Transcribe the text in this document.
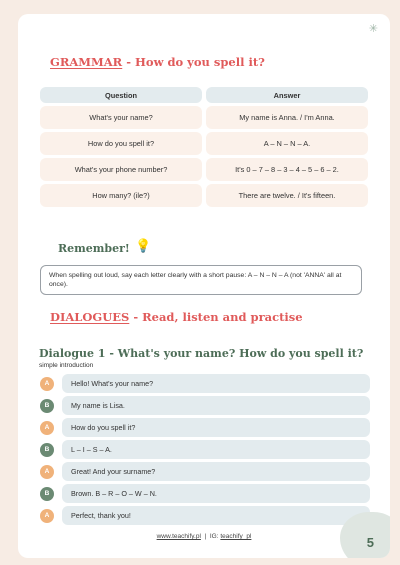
✳
GRAMMAR - How do you spell it?
Question	Answer
What's your name?	My name is Anna. / I'm Anna.
How do you spell it?	A – N – N – A.
What's your phone number?	It's 0 – 7 – 8 – 3 – 4 – 5 – 6 – 2.
How many? (ile?)	There are twelve. / It's fifteen.
Remember! 💡
When spelling out loud, say each letter clearly with a short pause: A – N – N – A (not 'ANNA' all at once).
DIALOGUES - Read, listen and practise
Dialogue 1 - What's your name? How do you spell it?
simple introduction
A	Hello! What's your name?
B	My name is Lisa.
A	How do you spell it?
B	L – I – S – A.
A	Great! And your surname?
B	Brown. B – R – O – W – N.
A	Perfect, thank you!
www.teachify.pl | IG: teachify_pl	5
